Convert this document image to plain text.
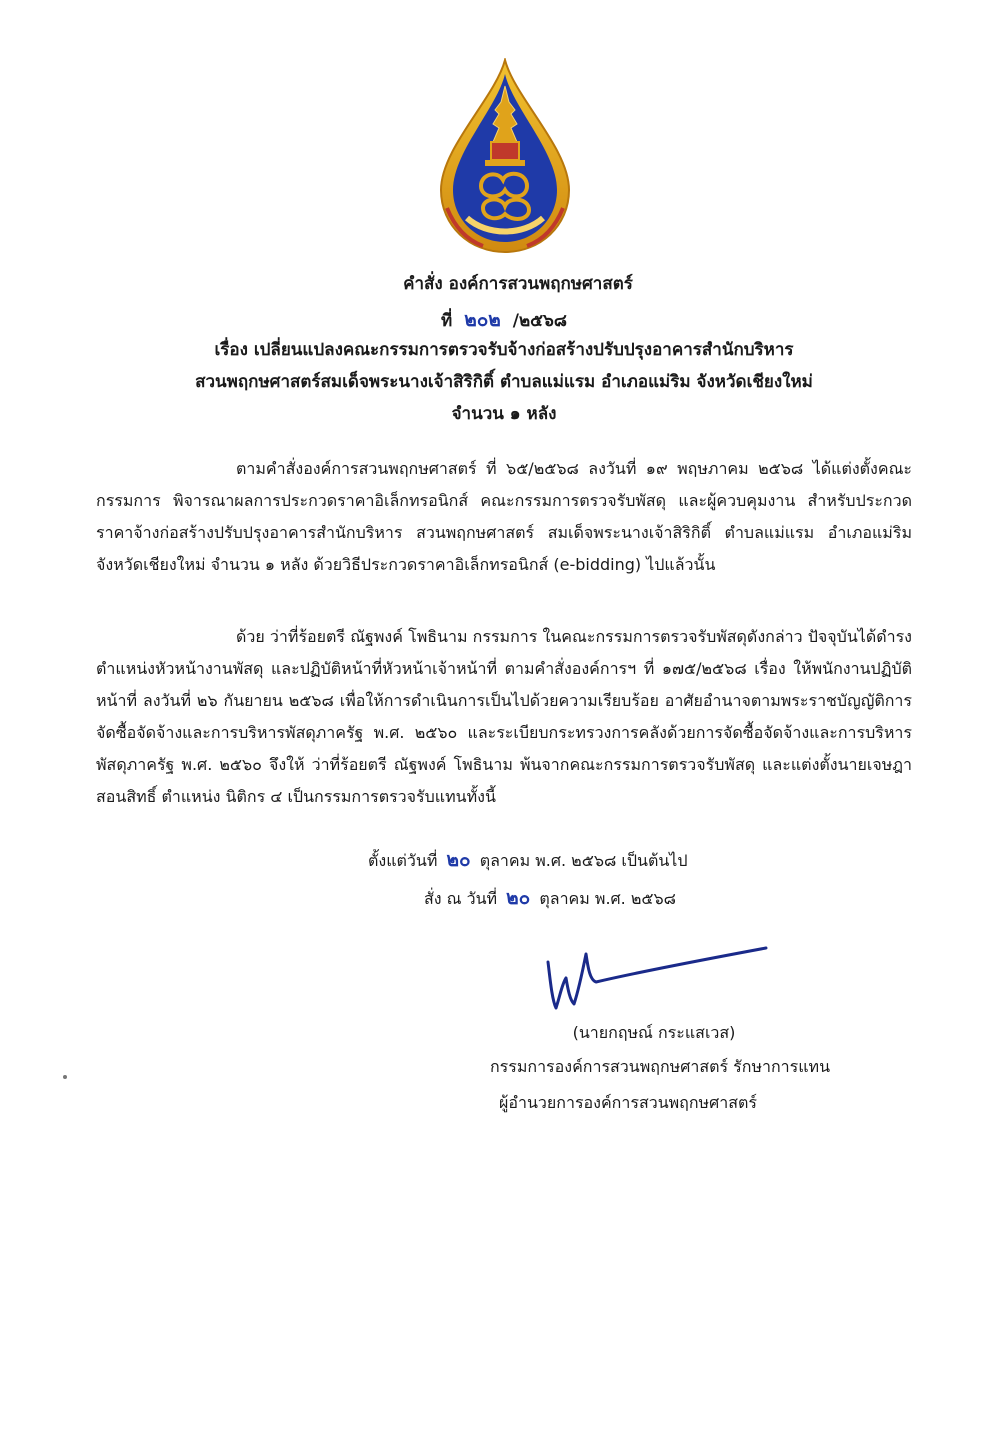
คำสั่ง องค์การสวนพฤกษศาสตร์
ที่ ๒๐๒ /๒๕๖๘
เรื่อง เปลี่ยนแปลงคณะกรรมการตรวจรับจ้างก่อสร้างปรับปรุงอาคารสำนักบริหาร
สวนพฤกษศาสตร์สมเด็จพระนางเจ้าสิริกิติ์ ตำบลแม่แรม อำเภอแม่ริม จังหวัดเชียงใหม่
จำนวน ๑ หลัง
ตามคำสั่งองค์การสวนพฤกษศาสตร์ ที่ ๖๕/๒๕๖๘ ลงวันที่ ๑๙ พฤษภาคม ๒๕๖๘ ได้แต่งตั้งคณะกรรมการ พิจารณาผลการประกวดราคาอิเล็กทรอนิกส์ คณะกรรมการตรวจรับพัสดุ และผู้ควบคุมงาน สำหรับประกวดราคาจ้างก่อสร้างปรับปรุงอาคารสำนักบริหาร สวนพฤกษศาสตร์ สมเด็จพระนางเจ้าสิริกิติ์ ตำบลแม่แรม อำเภอแม่ริม จังหวัดเชียงใหม่ จำนวน ๑ หลัง ด้วยวิธีประกวดราคาอิเล็กทรอนิกส์ (e-bidding) ไปแล้วนั้น
ด้วย ว่าที่ร้อยตรี ณัฐพงค์ โพธินาม กรรมการ ในคณะกรรมการตรวจรับพัสดุดังกล่าว ปัจจุบันได้ดำรงตำแหน่งหัวหน้างานพัสดุ และปฏิบัติหน้าที่หัวหน้าเจ้าหน้าที่ ตามคำสั่งองค์การฯ ที่ ๑๗๕/๒๕๖๘ เรื่อง ให้พนักงานปฏิบัติหน้าที่ ลงวันที่ ๒๖ กันยายน ๒๕๖๘ เพื่อให้การดำเนินการเป็นไปด้วยความเรียบร้อย อาศัยอำนาจตามพระราชบัญญัติการจัดซื้อจัดจ้างและการบริหารพัสดุภาครัฐ พ.ศ. ๒๕๖๐ และระเบียบกระทรวงการคลังด้วยการจัดซื้อจัดจ้างและการบริหารพัสดุภาครัฐ พ.ศ. ๒๕๖๐ จึงให้ ว่าที่ร้อยตรี ณัฐพงค์ โพธินาม พ้นจากคณะกรรมการตรวจรับพัสดุ และแต่งตั้งนายเจษฎา สอนสิทธิ์ ตำแหน่ง นิติกร ๔ เป็นกรรมการตรวจรับแทนทั้งนี้
ตั้งแต่วันที่ ๒๐ ตุลาคม พ.ศ. ๒๕๖๘ เป็นต้นไป
สั่ง ณ วันที่ ๒๐ ตุลาคม พ.ศ. ๒๕๖๘
(นายกฤษณ์ กระแสเวส)
กรรมการองค์การสวนพฤกษศาสตร์ รักษาการแทน
ผู้อำนวยการองค์การสวนพฤกษศาสตร์
